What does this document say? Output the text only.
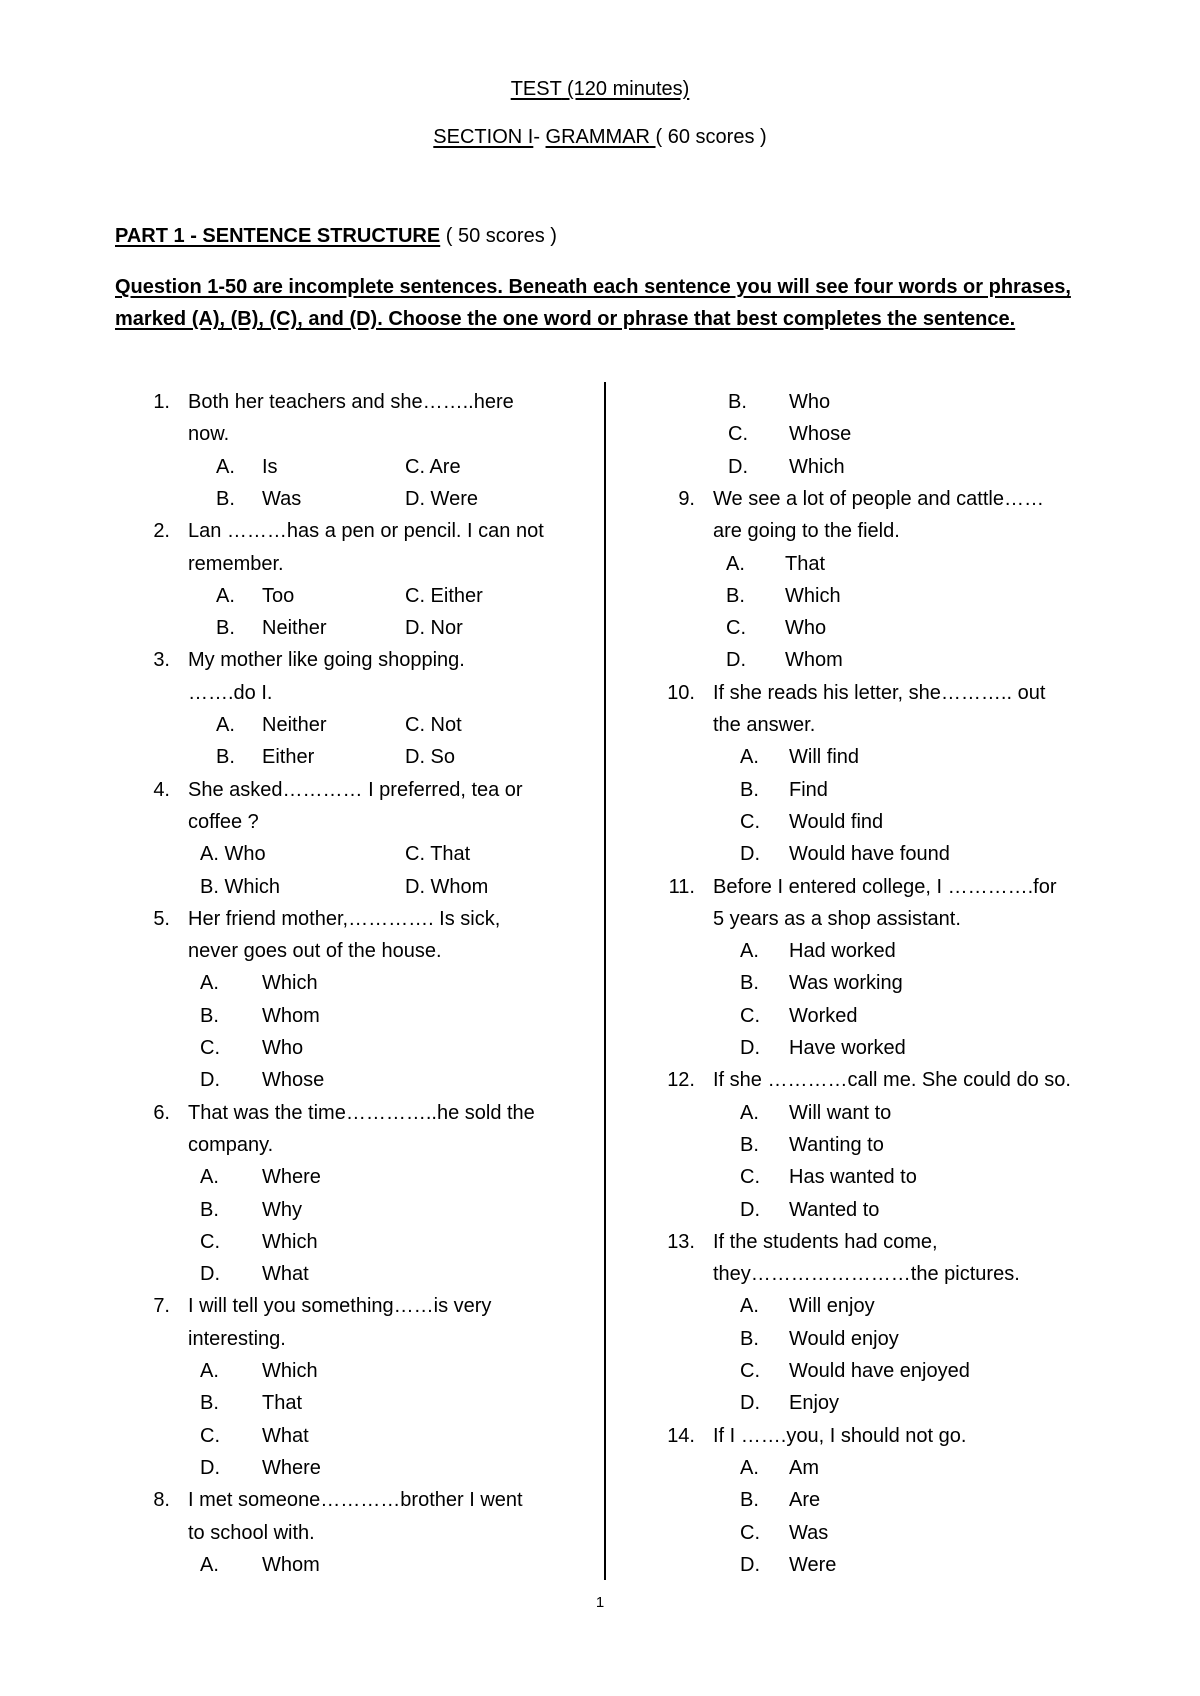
TEST (120 minutes)
SECTION I- GRAMMAR ( 60 scores )
PART 1 - SENTENCE STRUCTURE ( 50 scores )
Question 1-50 are incomplete sentences. Beneath each sentence you will see four words or phrases, marked (A), (B), (C), and (D). Choose the one word or phrase that best completes the sentence.
1. Both her teachers and she……..here
now.
A. Is	C. Are
B. Was	D. Were
2. Lan ………has a pen or pencil. I can not
remember.
A. Too	C. Either
B. Neither	D. Nor
3. My mother like going shopping.
…….do I.
A. Neither	C. Not
B. Either	D. So
4. She asked………… I preferred, tea or
coffee ?
A. Who	C. That
B. Which	D. Whom
5. Her friend mother,…………. Is sick,
never goes out of the house.
A. Which
B. Whom
C. Who
D. Whose
6. That was the time…………..he sold the
company.
A. Where
B. Why
C. Which
D. What
7. I will tell you something……is very
interesting.
A. Which
B. That
C. What
D. Where
8. I met someone…………brother I went
to school with.
A. Whom
B. Who
C. Whose
D. Which
9. We see a lot of people and cattle……
are going to the field.
A. That
B. Which
C. Who
D. Whom
10. If she reads his letter, she……….. out
the answer.
A. Will find
B. Find
C. Would find
D. Would have found
11. Before I entered college, I ………….for
5 years as a shop assistant.
A. Had worked
B. Was working
C. Worked
D. Have worked
12. If she …………call me. She could do so.
A. Will want to
B. Wanting to
C. Has wanted to
D. Wanted to
13. If the students had come,
they……………………the pictures.
A. Will enjoy
B. Would enjoy
C. Would have enjoyed
D. Enjoy
14. If I …….you, I should not go.
A. Am
B. Are
C. Was
D. Were
1
